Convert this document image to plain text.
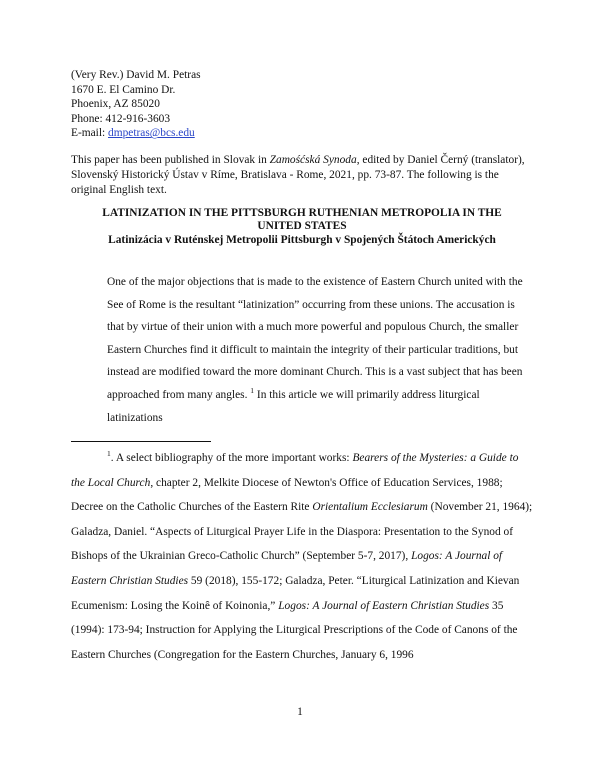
(Very Rev.) David M. Petras
1670 E. El Camino Dr.
Phoenix, AZ 85020
Phone: 412-916-3603
E-mail: dmpetras@bcs.edu
This paper has been published in Slovak in Zamośćská Synoda, edited by Daniel Černý (translator), Slovenský Historický Ústav v Ríme, Bratislava - Rome, 2021, pp. 73-87. The following is the original English text.
LATINIZATION IN THE PITTSBURGH RUTHENIAN METROPOLIA IN THE
UNITED STATES
Latinizácia v Ruténskej Metropolii Pittsburgh v Spojených Štátoch Amerických
One of the major objections that is made to the existence of Eastern Church united with the See of Rome is the resultant “latinization” occurring from these unions. The accusation is that by virtue of their union with a much more powerful and populous Church, the smaller Eastern Churches find it difficult to maintain the integrity of their particular traditions, but instead are modified toward the more dominant Church. This is a vast subject that has been approached from many angles. $^1$ In this article we will primarily address liturgical latinizations
$^1$. A select bibliography of the more important works: Bearers of the Mysteries: a Guide to the Local Church, chapter 2, Melkite Diocese of Newton's Office of Education Services, 1988; Decree on the Catholic Churches of the Eastern Rite Orientalium Ecclesiarum (November 21, 1964); Galadza, Daniel. “Aspects of Liturgical Prayer Life in the Diaspora: Presentation to the Synod of Bishops of the Ukrainian Greco-Catholic Church” (September 5-7, 2017), Logos: A Journal of Eastern Christian Studies 59 (2018), 155-172; Galadza, Peter. “Liturgical Latinization and Kievan Ecumenism: Losing the Koinê of Koinonia,” Logos: A Journal of Eastern Christian Studies 35 (1994): 173-94; Instruction for Applying the Liturgical Prescriptions of the Code of Canons of the Eastern Churches (Congregation for the Eastern Churches, January 6, 1996
1
